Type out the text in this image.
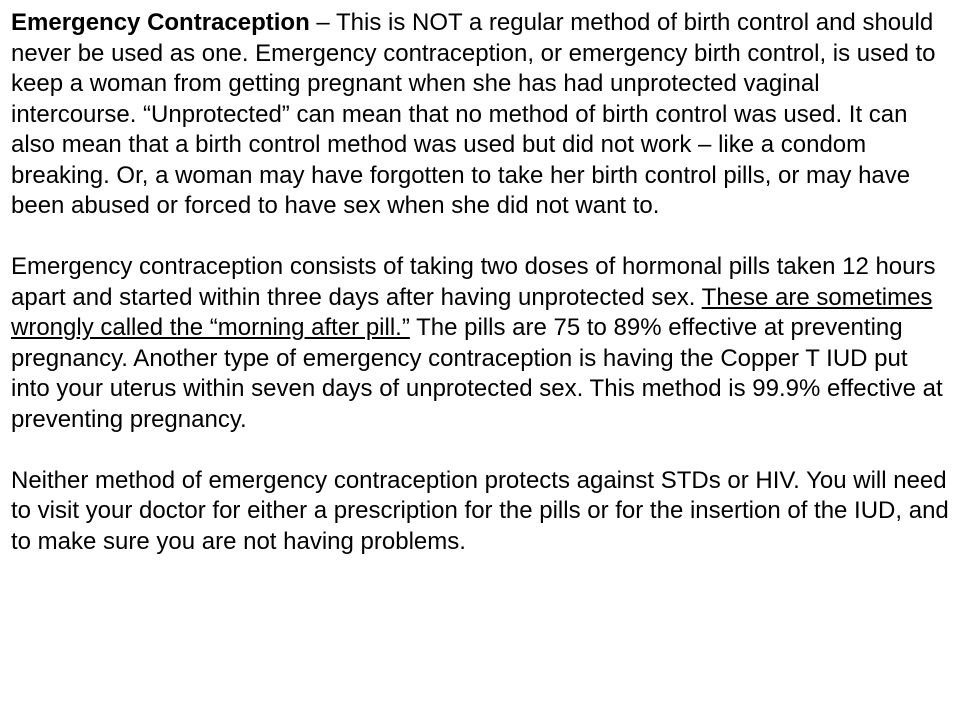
Emergency Contraception – This is NOT a regular method of birth control and should never be used as one. Emergency contraception, or emergency birth control, is used to keep a woman from getting pregnant when she has had unprotected vaginal intercourse. “Unprotected” can mean that no method of birth control was used. It can also mean that a birth control method was used but did not work – like a condom breaking. Or, a woman may have forgotten to take her birth control pills, or may have been abused or forced to have sex when she did not want to.

Emergency contraception consists of taking two doses of hormonal pills taken 12 hours apart and started within three days after having unprotected sex. These are sometimes wrongly called the “morning after pill.” The pills are 75 to 89% effective at preventing pregnancy. Another type of emergency contraception is having the Copper T IUD put into your uterus within seven days of unprotected sex. This method is 99.9% effective at preventing pregnancy.

Neither method of emergency contraception protects against STDs or HIV. You will need to visit your doctor for either a prescription for the pills or for the insertion of the IUD, and to make sure you are not having problems.
